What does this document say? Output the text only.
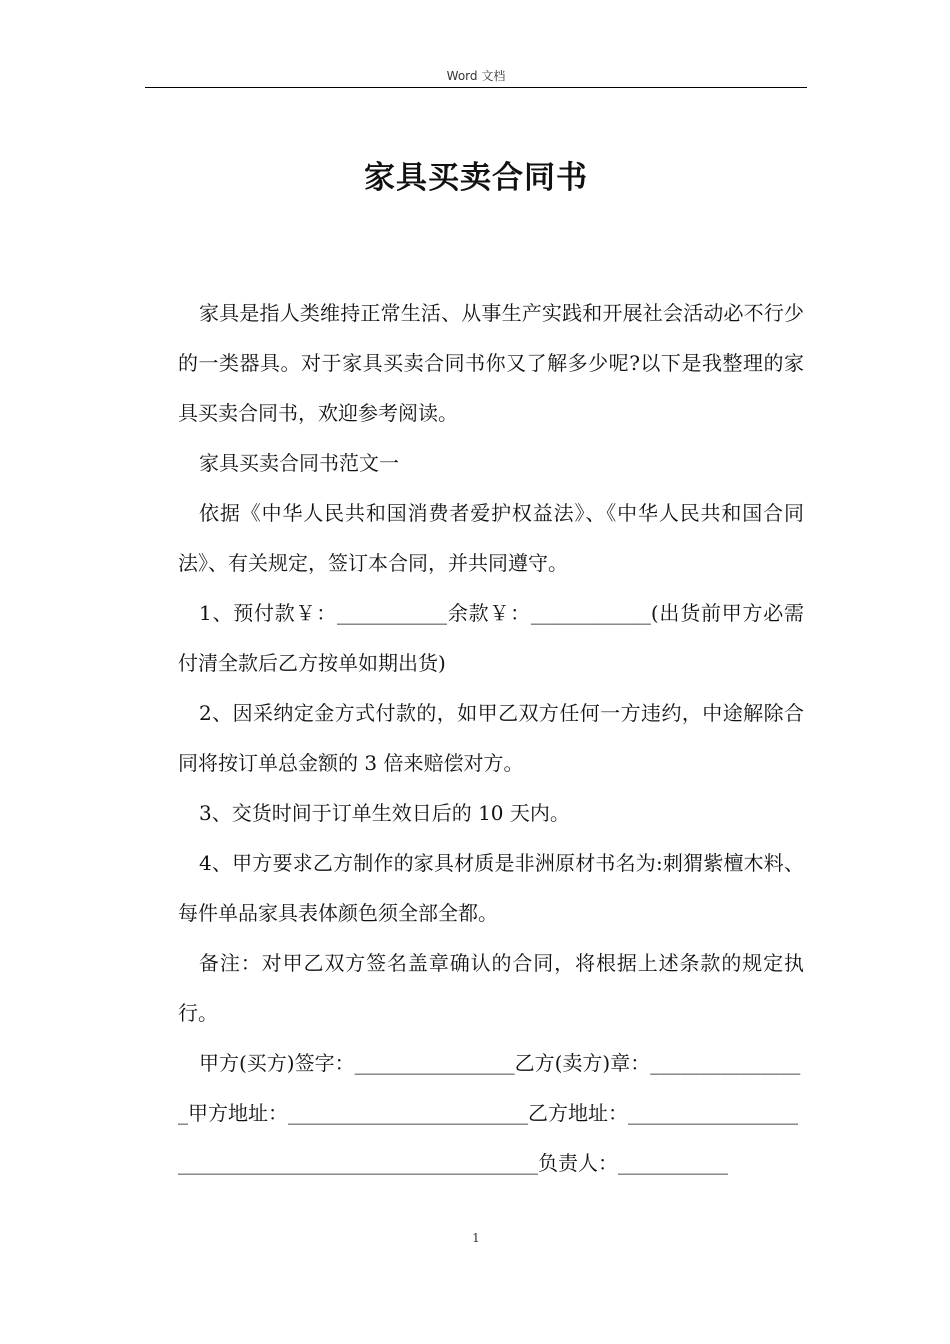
Word 文档
家具买卖合同书

家具是指人类维持正常生活、从事生产实践和开展社会活动必不行少的一类器具。对于家具买卖合同书你又了解多少呢?以下是我整理的家具买卖合同书，欢迎参考阅读。

家具买卖合同书范文一

依据《中华人民共和国消费者爱护权益法》、《中华人民共和国合同法》、有关规定，签订本合同，并共同遵守。

1、预付款￥：___________余款￥：____________(出货前甲方必需付清全款后乙方按单如期出货)

2、因采纳定金方式付款的，如甲乙双方任何一方违约，中途解除合同将按订单总金额的 3 倍来赔偿对方。

3、交货时间于订单生效日后的 10 天内。

4、甲方要求乙方制作的家具材质是非洲原材书名为:刺猬紫檀木料、每件单品家具表体颜色须全部全都。

备注：对甲乙双方签名盖章确认的合同，将根据上述条款的规定执行。

甲方(买方)签字：________________乙方(卖方)章：________________甲方地址：________________________乙方地址：_____________________________________________________负责人：___________

1
